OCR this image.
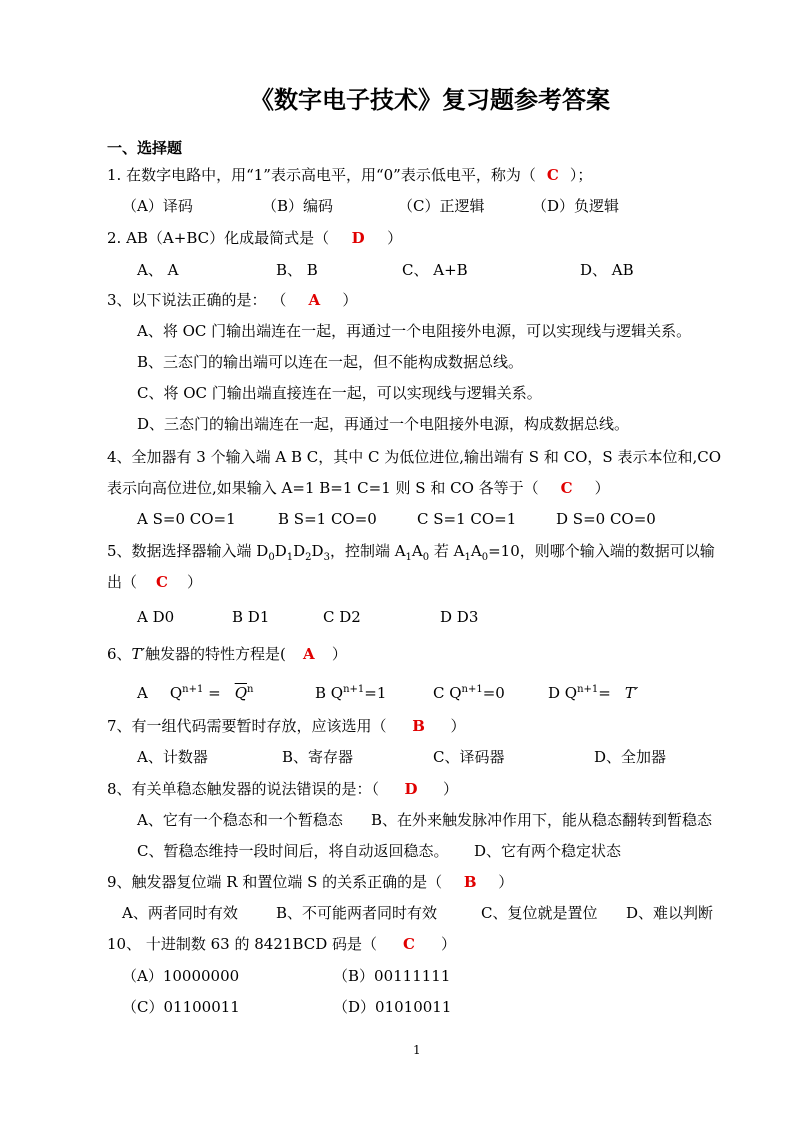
《数字电子技术》复习题参考答案
一、选择题
1. 在数字电路中，用“1”表示高电平，用“0”表示低电平，称为（ C ）；
（A）译码	（B）编码	（C）正逻辑	（D）负逻辑
2. AB（A+BC）化成最简式是（ D ）
A、 A	B、 B	C、 A+B	D、 AB
3、以下说法正确的是： （ A ）
A、将 OC 门输出端连在一起，再通过一个电阻接外电源，可以实现线与逻辑关系。
B、三态门的输出端可以连在一起，但不能构成数据总线。
C、将 OC 门输出端直接连在一起，可以实现线与逻辑关系。
D、三态门的输出端连在一起，再通过一个电阻接外电源，构成数据总线。
4、全加器有 3 个输入端 A B C，其中 C 为低位进位,输出端有 S 和 CO，S 表示本位和,CO
表示向高位进位,如果输入 A=1 B=1 C=1 则 S 和 CO 各等于（ C ）
A S=0 CO=1	B S=1 CO=0	C S=1 CO=1	D S=0 CO=0
5、数据选择器输入端 $D_0D_1D_2D_3$，控制端 $A_1A_0$ 若 $A_1A_0=10$，则哪个输入端的数据可以输
出（ C ）
A D0	B D1	C D2	D D3
6、T′触发器的特性方程是( A ）
A $Q^{n+1} = \overline{Q}^n$	B $Q^{n+1}=1$	C $Q^{n+1}=0$	D $Q^{n+1}= T'$
7、有一组代码需要暂时存放，应该选用（ B ）
A、计数器	B、寄存器	C、译码器	D、全加器
8、有关单稳态触发器的说法错误的是：（ D ）
A、它有一个稳态和一个暂稳态 B、在外来触发脉冲作用下，能从稳态翻转到暂稳态
C、暂稳态维持一段时间后，将自动返回稳态。 D、它有两个稳定状态
9、触发器复位端 R 和置位端 S 的关系正确的是（ B ）
A、两者同时有效	B、不可能两者同时有效	C、复位就是置位 D、难以判断
10、 十进制数 63 的 8421BCD 码是（ C ）
（A）10000000	（B）00111111
（C）01100011	（D）01010011
1
